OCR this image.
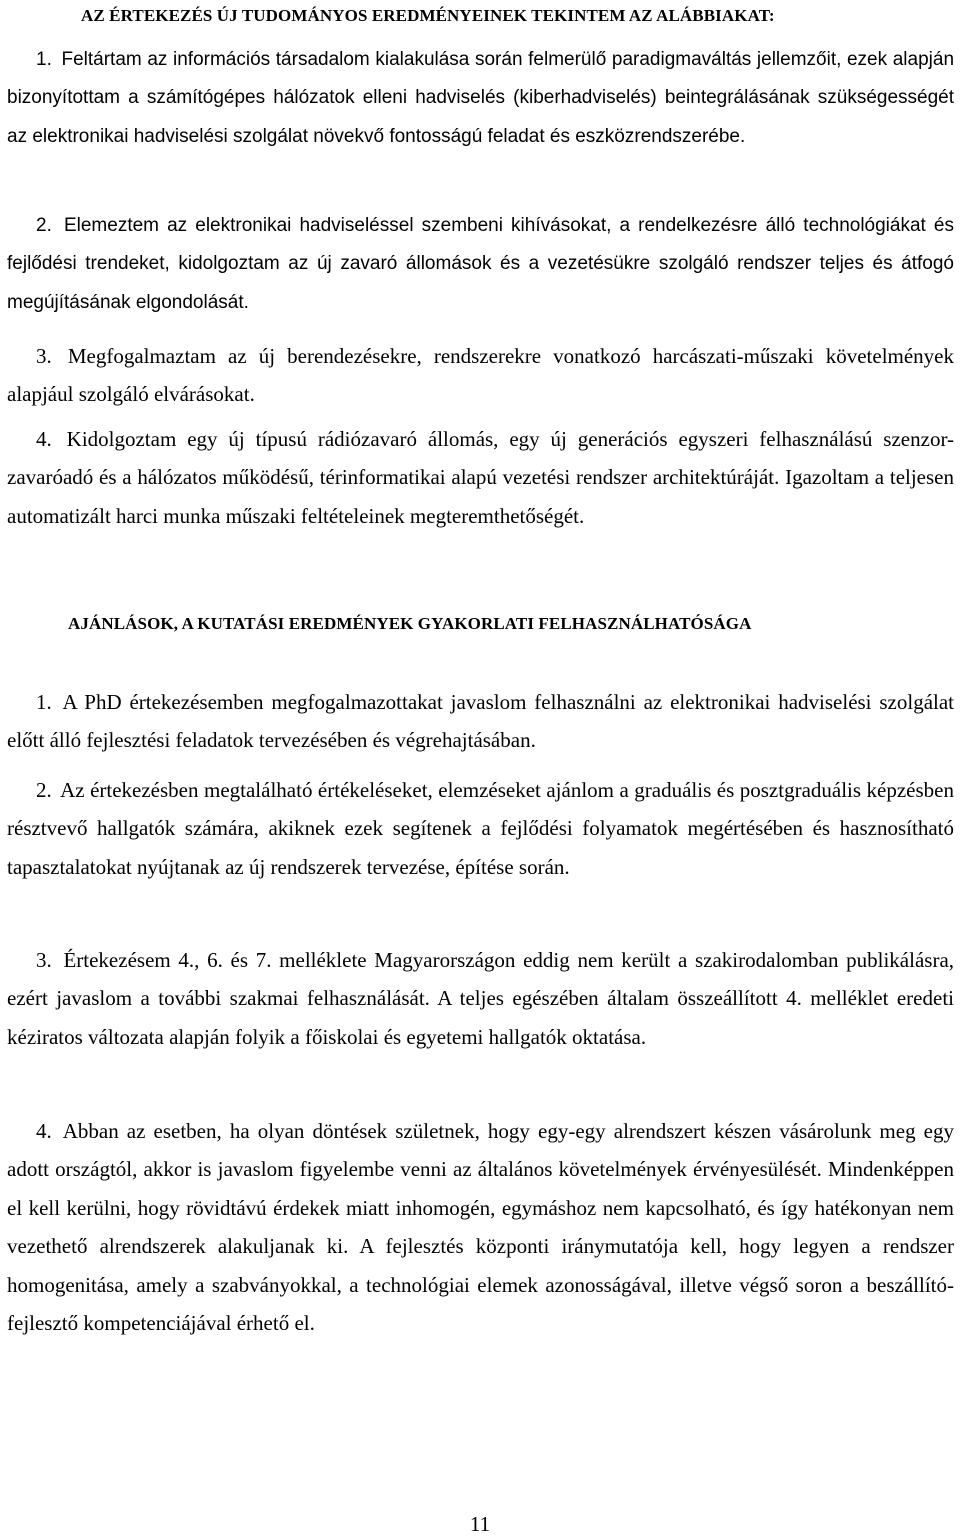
AZ ÉRTEKEZÉS ÚJ TUDOMÁNYOS EREDMÉNYEINEK TEKINTEM AZ ALÁBBIAKAT:

1. Feltártam az információs társadalom kialakulása során felmerülő paradigmaváltás jellemzőit, ezek alapján bizonyítottam a számítógépes hálózatok elleni hadviselés (kiberhadviselés) beintegrálásának szükségességét az elektronikai hadviselési szolgálat növekvő fontosságú feladat és eszközrendszerébe.

2. Elemeztem az elektronikai hadviseléssel szembeni kihívásokat, a rendelkezésre álló technológiákat és fejlődési trendeket, kidolgoztam az új zavaró állomások és a vezetésükre szolgáló rendszer teljes és átfogó megújításának elgondolását.

3. Megfogalmaztam az új berendezésekre, rendszerekre vonatkozó harcászati-műszaki követelmények alapjául szolgáló elvárásokat.

4. Kidolgoztam egy új típusú rádiózavaró állomás, egy új generációs egyszeri felhasználású szenzor-zavaróadó és a hálózatos működésű, térinformatikai alapú vezetési rendszer architektúráját. Igazoltam a teljesen automatizált harci munka műszaki feltételeinek megteremthetőségét.

AJÁNLÁSOK, A KUTATÁSI EREDMÉNYEK GYAKORLATI FELHASZNÁLHATÓSÁGA

1. A PhD értekezésemben megfogalmazottakat javaslom felhasználni az elektronikai hadviselési szolgálat előtt álló fejlesztési feladatok tervezésében és végrehajtásában.

2. Az értekezésben megtalálható értékeléseket, elemzéseket ajánlom a graduális és posztgraduális képzésben résztvevő hallgatók számára, akiknek ezek segítenek a fejlődési folyamatok megértésében és hasznosítható tapasztalatokat nyújtanak az új rendszerek tervezése, építése során.

3. Értekezésem 4., 6. és 7. melléklete Magyarországon eddig nem került a szakirodalomban publikálásra, ezért javaslom a további szakmai felhasználását. A teljes egészében általam összeállított 4. melléklet eredeti kéziratos változata alapján folyik a főiskolai és egyetemi hallgatók oktatása.

4. Abban az esetben, ha olyan döntések születnek, hogy egy-egy alrendszert készen vásárolunk meg egy adott országtól, akkor is javaslom figyelembe venni az általános követelmények érvényesülését. Mindenképpen el kell kerülni, hogy rövidtávú érdekek miatt inhomogén, egymáshoz nem kapcsolható, és így hatékonyan nem vezethető alrendszerek alakuljanak ki. A fejlesztés központi iránymutatója kell, hogy legyen a rendszer homogenitása, amely a szabványokkal, a technológiai elemek azonosságával, illetve végső soron a beszállító-fejlesztő kompetenciájával érhető el.

11
